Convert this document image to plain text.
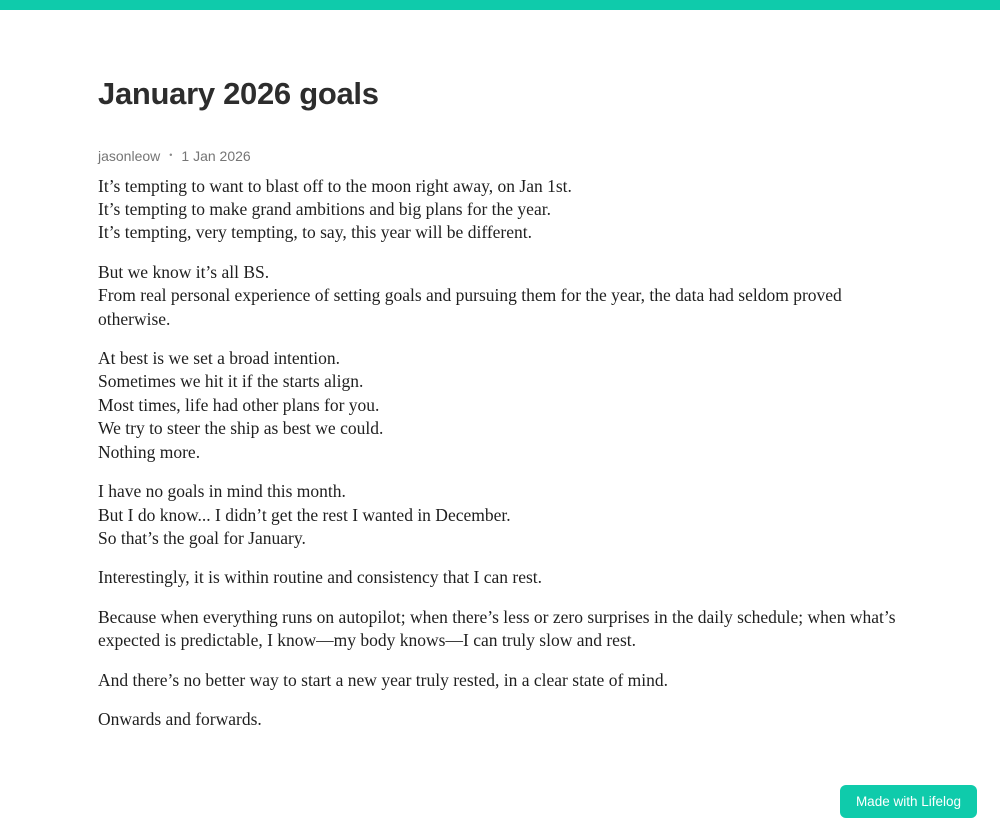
January 2026 goals
jasonleow • 1 Jan 2026

It’s tempting to want to blast off to the moon right away, on Jan 1st.
It’s tempting to make grand ambitions and big plans for the year.
It’s tempting, very tempting, to say, this year will be different.

But we know it’s all BS.
From real personal experience of setting goals and pursuing them for the year, the data had seldom proved otherwise.

At best is we set a broad intention.
Sometimes we hit it if the starts align.
Most times, life had other plans for you.
We try to steer the ship as best we could.
Nothing more.

I have no goals in mind this month.
But I do know... I didn’t get the rest I wanted in December.
So that’s the goal for January.

Interestingly, it is within routine and consistency that I can rest.

Because when everything runs on autopilot; when there’s less or zero surprises in the daily schedule; when what’s expected is predictable, I know—my body knows—I can truly slow and rest.

And there’s no better way to start a new year truly rested, in a clear state of mind.

Onwards and forwards.

Made with Lifelog
